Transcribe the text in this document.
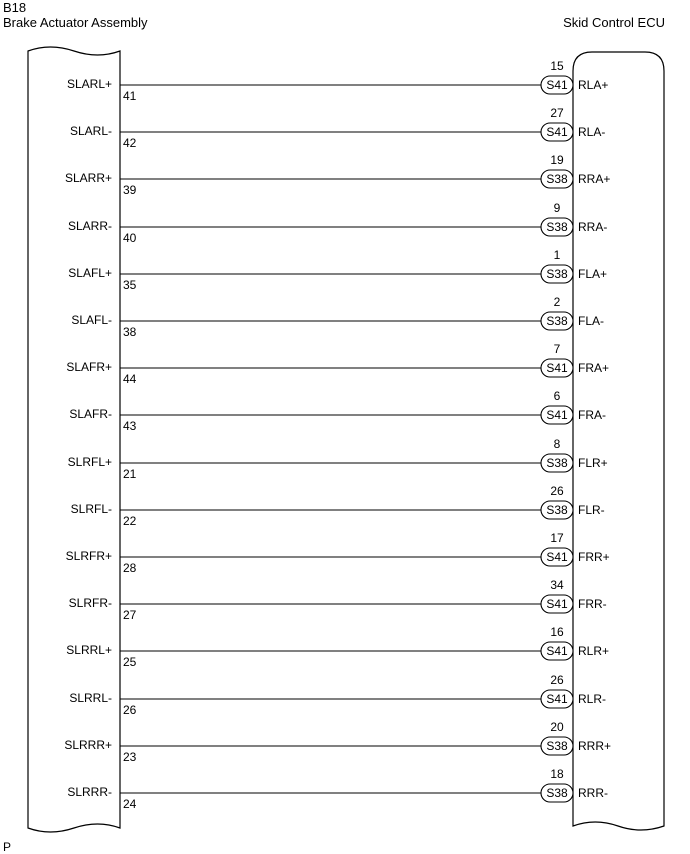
B18
Brake Actuator Assembly	Skid Control ECU
SLARL+
41
S41
15
RLA+
SLARL-
42
S41
27
RLA-
SLARR+
39
S38
19
RRA+
SLARR-
40
S38
9
RRA-
SLAFL+
35
S38
1
FLA+
SLAFL-
38
S38
2
FLA-
SLAFR+
44
S41
7
FRA+
SLAFR-
43
S41
6
FRA-
SLRFL+
21
S38
8
FLR+
SLRFL-
22
S38
26
FLR-
SLRFR+
28
S41
17
FRR+
SLRFR-
27
S41
34
FRR-
SLRRL+
25
S41
16
RLR+
SLRRL-
26
S41
26
RLR-
SLRRR+
23
S38
20
RRR+
SLRRR-
24
S38
18
RRR-
P
